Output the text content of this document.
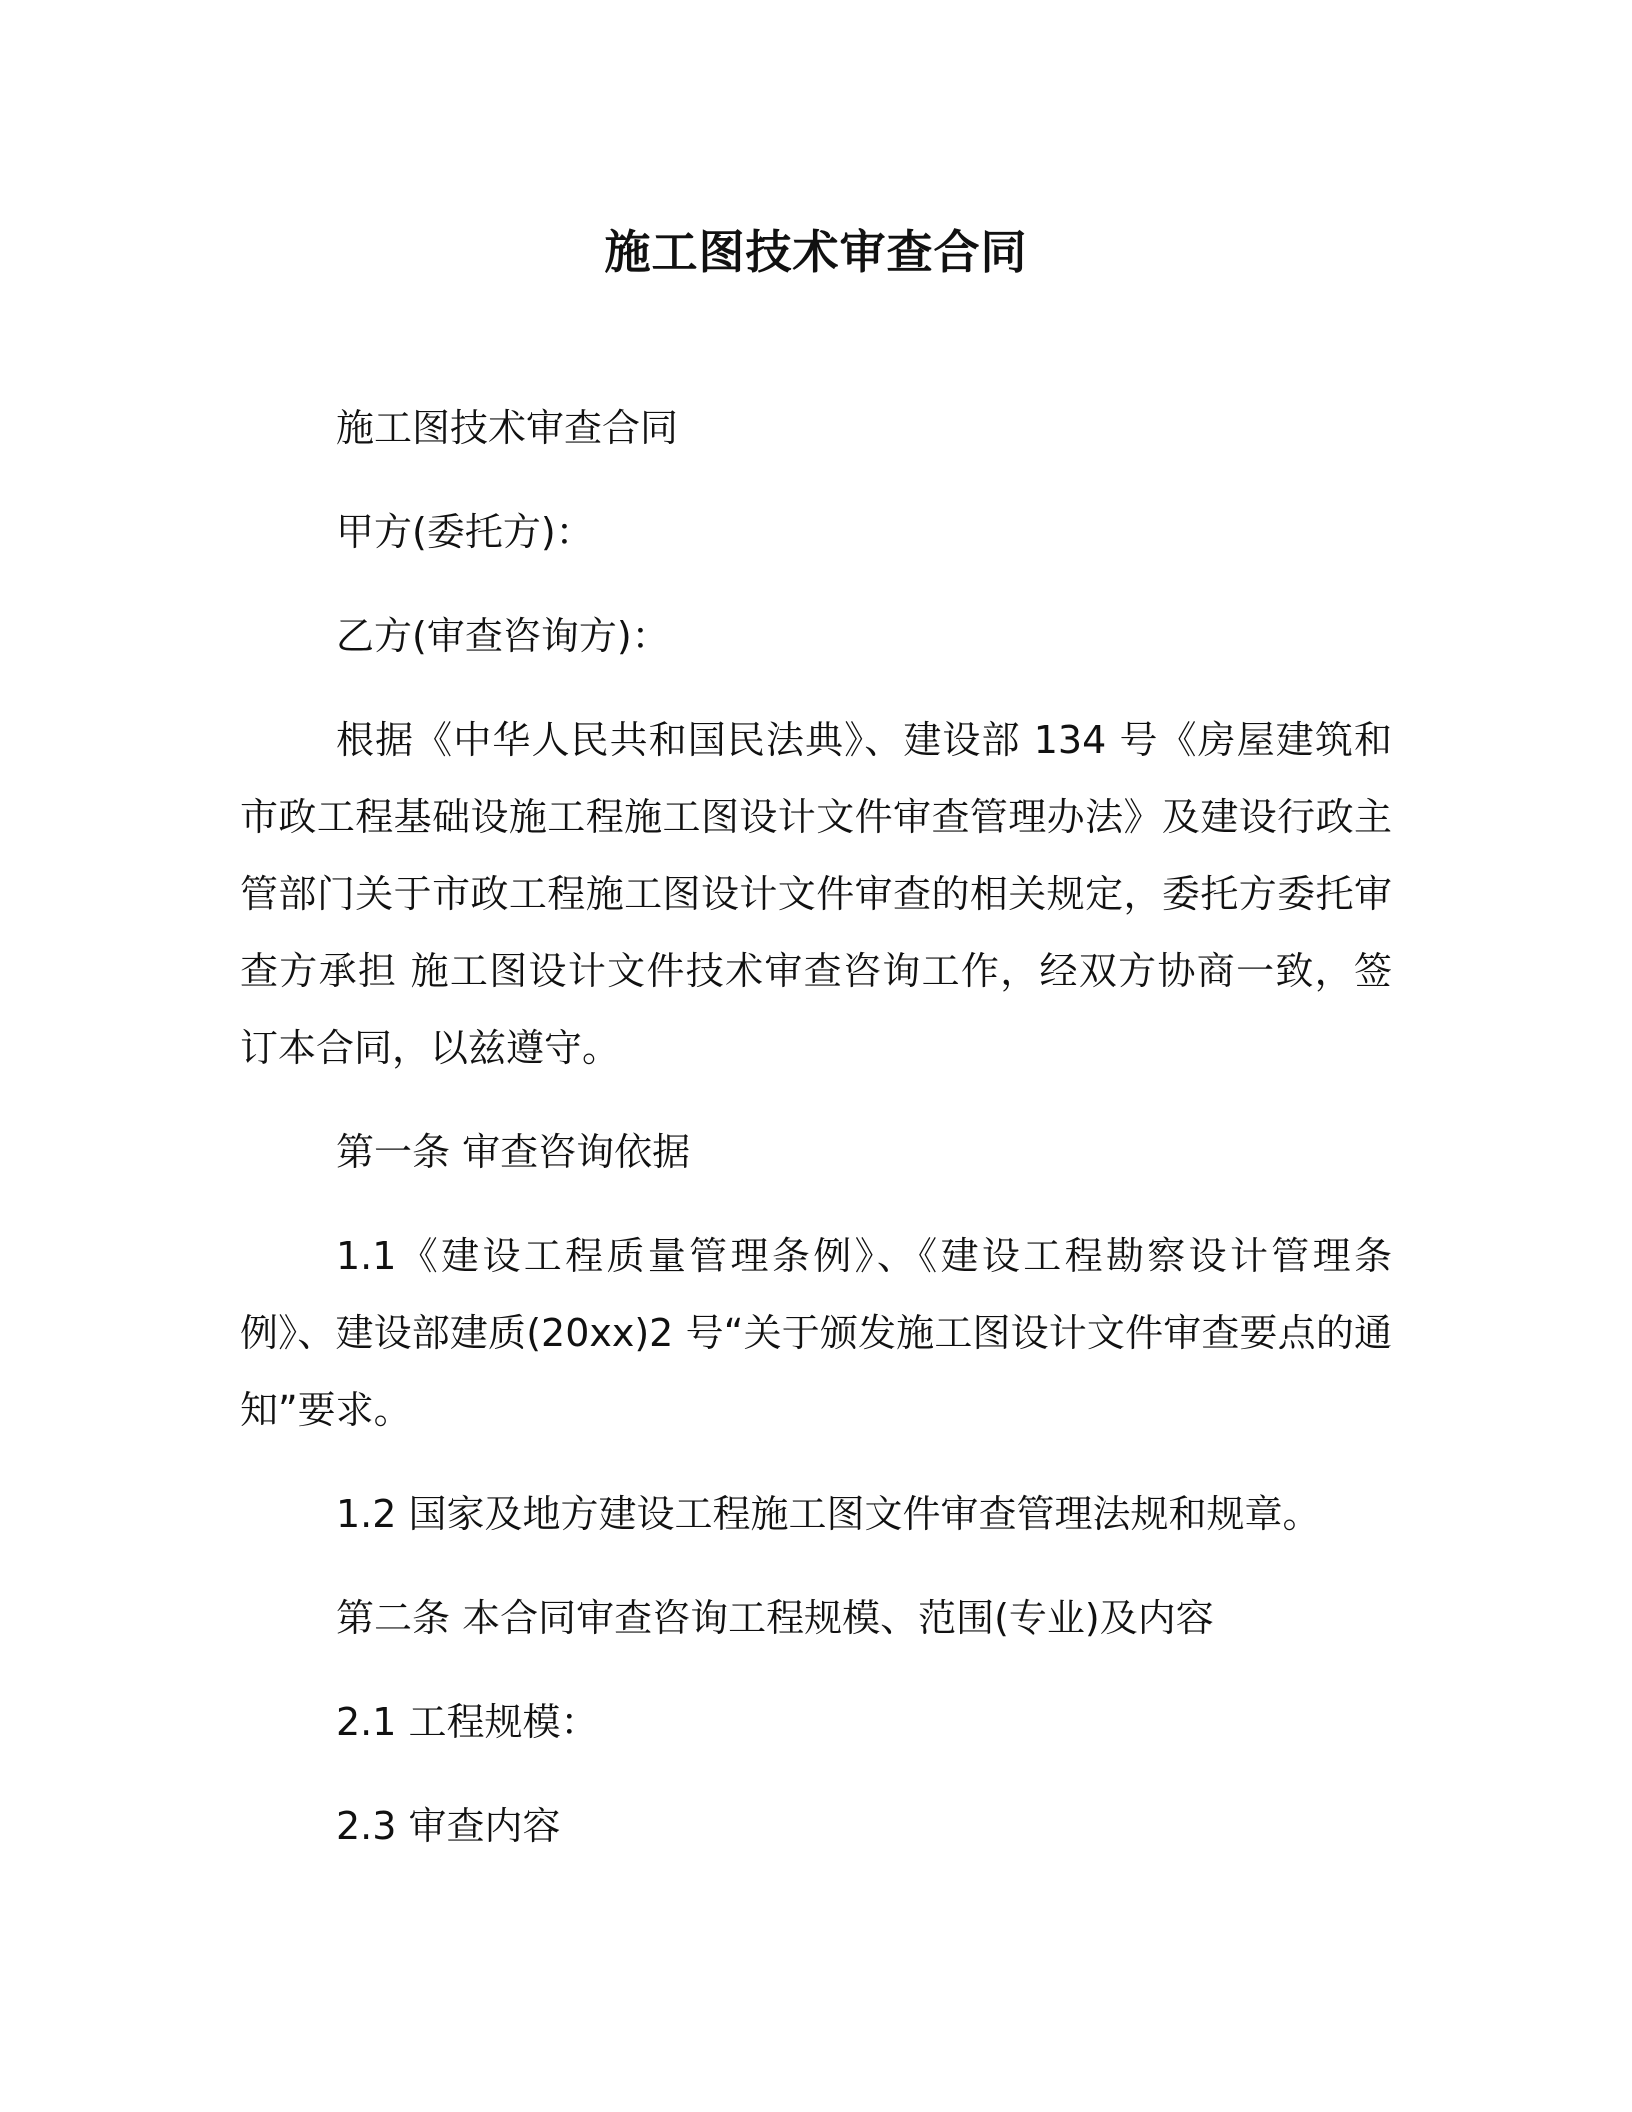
施工图技术审查合同

施工图技术审查合同

甲方(委托方)：

乙方(审查咨询方)：

根据《中华人民共和国民法典》、建设部 134 号《房屋建筑和市政工程基础设施工程施工图设计文件审查管理办法》及建设行政主管部门关于市政工程施工图设计文件审查的相关规定，委托方委托审查方承担 施工图设计文件技术审查咨询工作，经双方协商一致，签订本合同，以兹遵守。

第一条 审查咨询依据

1.1《建设工程质量管理条例》、《建设工程勘察设计管理条例》、建设部建质(20xx)2 号“关于颁发施工图设计文件审查要点的通知”要求。

1.2 国家及地方建设工程施工图文件审查管理法规和规章。

第二条 本合同审查咨询工程规模、范围(专业)及内容

2.1 工程规模：

2.3 审查内容
